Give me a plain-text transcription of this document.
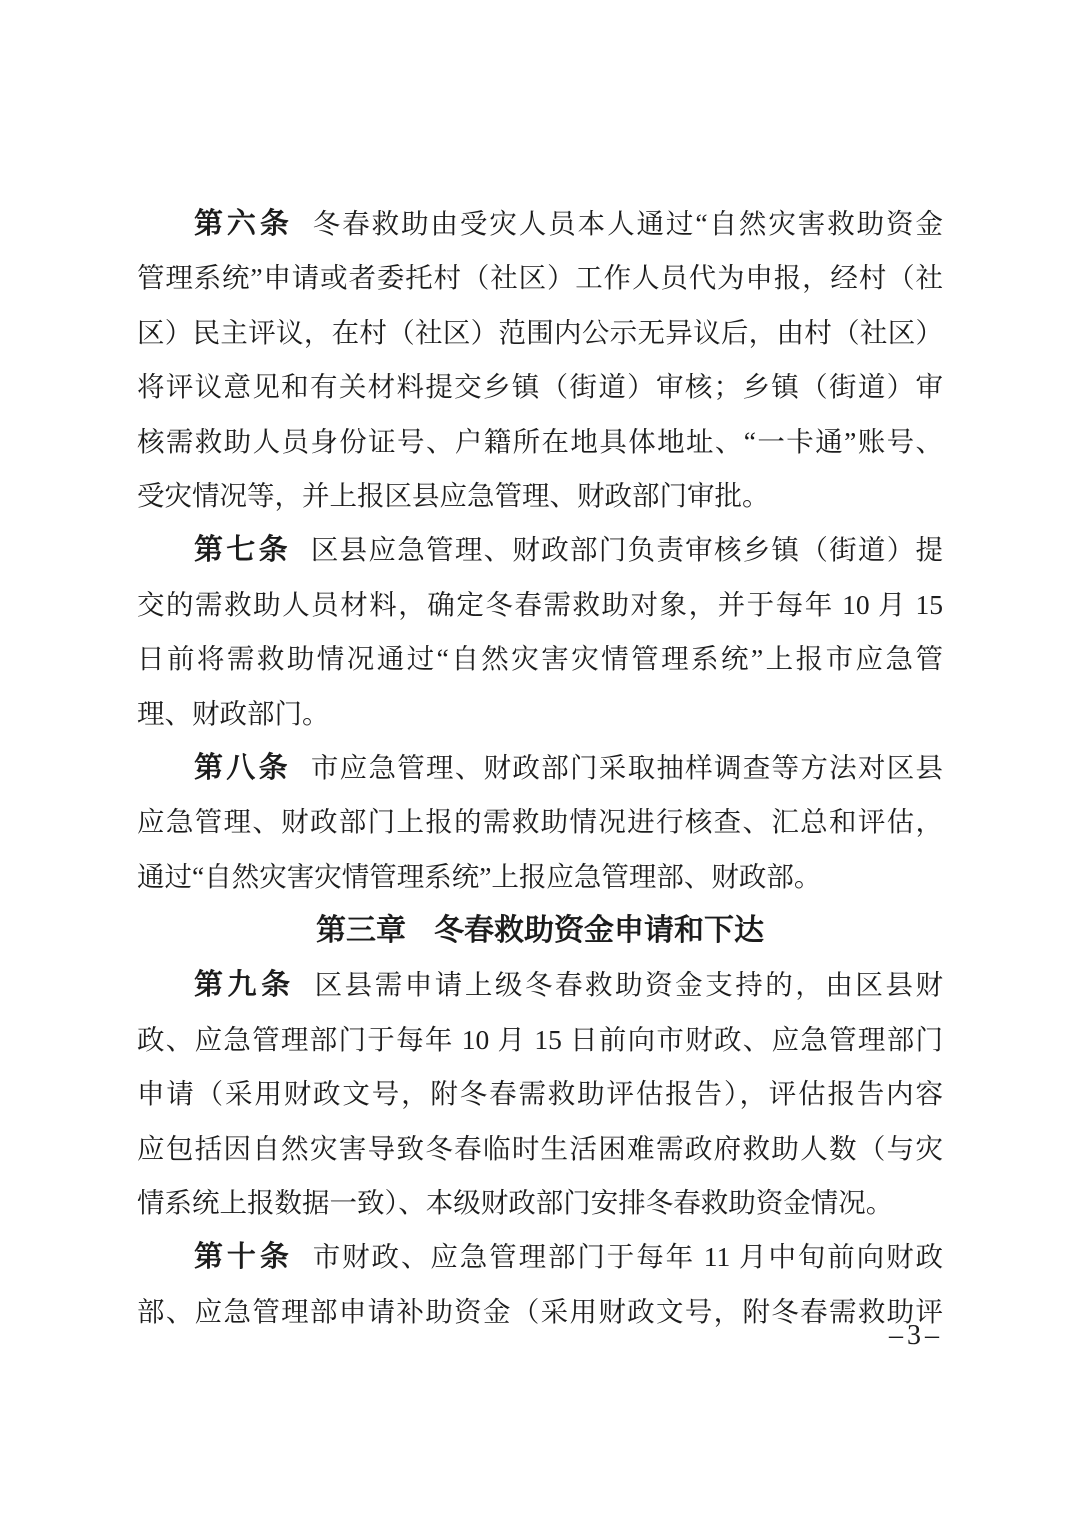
第六条 冬春救助由受灾人员本人通过“自然灾害救助资金
管理系统”申请或者委托村（社区）工作人员代为申报，经村（社
区）民主评议，在村（社区）范围内公示无异议后，由村（社区）
将评议意见和有关材料提交乡镇（街道）审核；乡镇（街道）审
核需救助人员身份证号、户籍所在地具体地址、“一卡通”账号、
受灾情况等，并上报区县应急管理、财政部门审批。
第七条 区县应急管理、财政部门负责审核乡镇（街道）提
交的需救助人员材料，确定冬春需救助对象，并于每年 10 月 15
日前将需救助情况通过“自然灾害灾情管理系统”上报市应急管
理、财政部门。
第八条 市应急管理、财政部门采取抽样调查等方法对区县
应急管理、财政部门上报的需救助情况进行核查、汇总和评估，
通过“自然灾害灾情管理系统”上报应急管理部、财政部。
第三章 冬春救助资金申请和下达
第九条 区县需申请上级冬春救助资金支持的，由区县财
政、应急管理部门于每年 10 月 15 日前向市财政、应急管理部门
申请（采用财政文号，附冬春需救助评估报告），评估报告内容
应包括因自然灾害导致冬春临时生活困难需政府救助人数（与灾
情系统上报数据一致）、本级财政部门安排冬春救助资金情况。
第十条 市财政、应急管理部门于每年 11 月中旬前向财政
部、应急管理部申请补助资金（采用财政文号，附冬春需救助评
–3–
